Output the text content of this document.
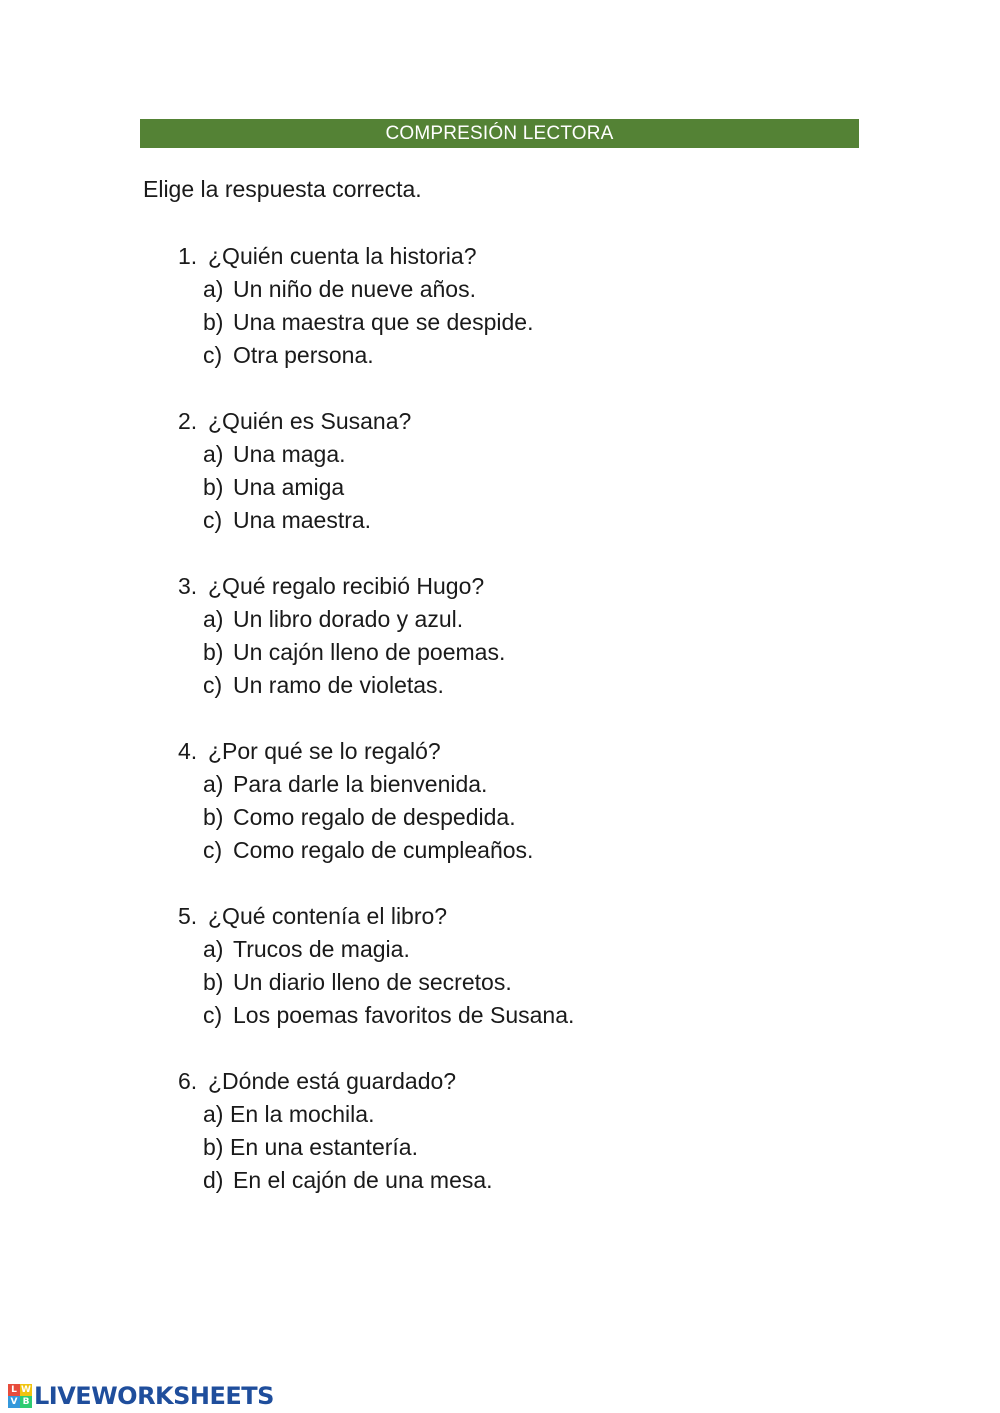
COMPRESIÓN LECTORA
Elige la respuesta correcta.
1. ¿Quién cuenta la historia?
a) Un niño de nueve años.
b) Una maestra que se despide.
c) Otra persona.
2. ¿Quién es Susana?
a) Una maga.
b) Una amiga
c) Una maestra.
3. ¿Qué regalo recibió Hugo?
a) Un libro dorado y azul.
b) Un cajón lleno de poemas.
c) Un ramo de violetas.
4. ¿Por qué se lo regaló?
a) Para darle la bienvenida.
b) Como regalo de despedida.
c) Como regalo de cumpleaños.
5. ¿Qué contenía el libro?
a) Trucos de magia.
b) Un diario lleno de secretos.
c) Los poemas favoritos de Susana.
6. ¿Dónde está guardado?
a) En la mochila.
b) En una estantería.
d) En el cajón de una mesa.
L W
V B LIVEWORKSHEETS
